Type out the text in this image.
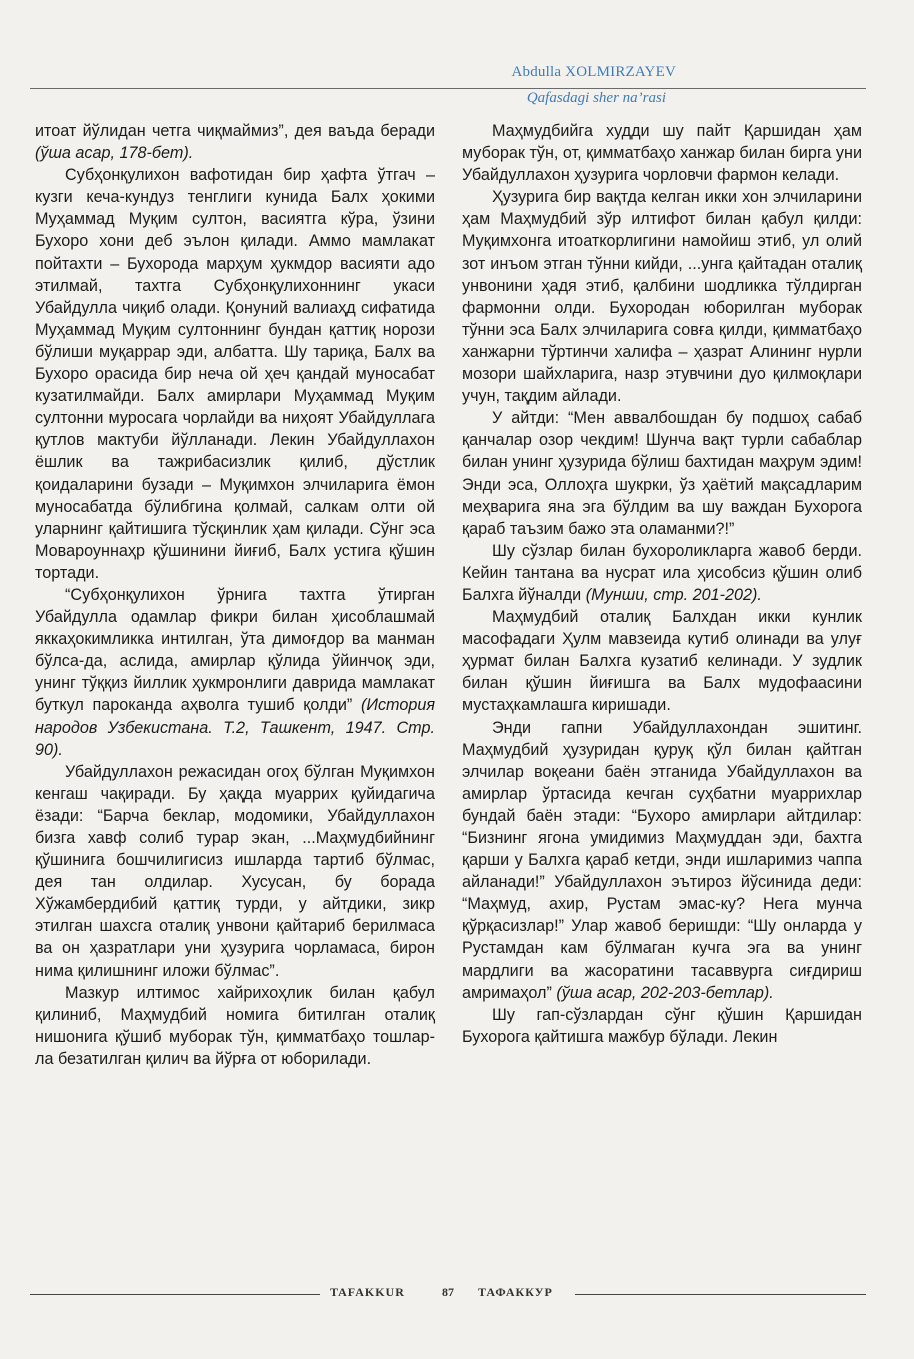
Abdulla XOLMIRZAYEV
Qafasdagi sher na’rasi

итоат йўлидан четга чиқмаймиз”, дея ваъда беради (ўша асар, 178-бет).

Субҳонқулихон вафотидан бир ҳафта ўтгач – кузги кеча-кундуз тенглиги кунида Балх ҳокими Муҳаммад Муқим султон, васиятга кўра, ўзини Бухоро хони деб эълон қилади. Аммо мамлакат пойтахти – Бухорода марҳум ҳукмдор васияти адо этилмай, тахтга Субҳонқулихоннинг укаси Убайдулла чиқиб олади. Қонуний валиаҳд сифатида Муҳаммад Муқим султоннинг бундан қаттиқ норози бўлиши муқаррар эди, албатта. Шу тариқа, Балх ва Бухоро орасида бир неча ой ҳеч қандай муносабат кузатилмайди. Балх амирлари Муҳаммад Муқим султонни муросага чорлайди ва ниҳоят Убайдуллага қутлов мактуби йўлланади. Лекин Убайдуллахон ёшлик ва тажрибасизлик қилиб, дўстлик қоидаларини бузади – Муқимхон элчиларига ёмон муносабатда бўлибгина қолмай, салкам олти ой уларнинг қайтишига тўсқинлик ҳам қилади. Сўнг эса Мовароуннаҳр қўшинини йиғиб, Балх устига қўшин тортади.

“Субҳонқулихон ўрнига тахтга ўтирган Убайдулла одамлар фикри билан ҳисоблашмай яккаҳокимликка интилган, ўта димоғдор ва манман бўлса-да, аслида, амирлар қўлида ўйинчоқ эди, унинг тўққиз йиллик ҳукмронлиги даврида мамлакат буткул пароканда аҳволга тушиб қолди” (История народов Узбекистана. Т.2, Ташкент, 1947. Стр. 90).

Убайдуллахон режасидан огоҳ бўлган Муқимхон кенгаш чақиради. Бу ҳақда муаррих қуйидагича ёзади: “Барча беклар, модомики, Убайдуллахон бизга хавф солиб турар экан, ...Маҳмудбийнинг қўшинига бошчилигисиз ишларда тартиб бўлмас, дея тан олдилар. Хусусан, бу борада Хўжамбердибий қаттиқ турди, у айтдики, зикр этилган шахсга оталиқ унвони қайтариб берилмаса ва он ҳазратлари уни ҳузурига чорламаса, бирон нима қилишнинг иложи бўлмас”.

Мазкур илтимос хайрихоҳлик билан қабул қилиниб, Маҳмудбий номига битилган оталиқ нишонига қўшиб муборак тўн, қимматбаҳо тошлар-ла безатилган қилич ва йўрға от юборилади.

Маҳмудбийга худди шу пайт Қаршидан ҳам муборак тўн, от, қимматбаҳо ханжар билан бирга уни Убайдуллахон ҳузурига чорловчи фармон келади.

Ҳузурига бир вақтда келган икки хон элчиларини ҳам Маҳмудбий зўр илтифот билан қабул қилди: Муқимхонга итоаткорлигини намойиш этиб, ул олий зот инъом этган тўнни кийди, ...унга қайтадан оталиқ унвонини ҳадя этиб, қалбини шодликка тўлдирган фармонни олди. Бухородан юборилган муборак тўнни эса Балх элчиларига совға қилди, қимматбаҳо ханжарни тўртинчи халифа – ҳазрат Алининг нурли мозори шайхларига, назр этувчини дуо қилмоқлари учун, тақдим айлади.

У айтди: “Мен аввалбошдан бу подшоҳ сабаб қанчалар озор чекдим! Шунча вақт турли сабаблар билан унинг ҳузурида бўлиш бахтидан маҳрум эдим! Энди эса, Оллоҳга шукрки, ўз ҳаётий мақсадларим меҳварига яна эга бўлдим ва шу важдан Бухорога қараб таъзим бажо эта оламанми?!”

Шу сўзлар билан бухороликларга жавоб берди. Кейин тантана ва нусрат ила ҳисобсиз қўшин олиб Балхга йўналди (Мунши, стр. 201-202).

Маҳмудбий оталиқ Балхдан икки кунлик масофадаги Ҳулм мавзеида кутиб олинади ва улуғ ҳурмат билан Балхга кузатиб келинади. У зудлик билан қўшин йиғишга ва Балх мудофаасини мустаҳкамлашга киришади.

Энди гапни Убайдуллахондан эшитинг. Маҳмудбий ҳузуридан қуруқ қўл билан қайтган элчилар воқеани баён этганида Убайдуллахон ва амирлар ўртасида кечган суҳбатни муаррихлар бундай баён этади: “Бухоро амирлари айтдилар: “Бизнинг ягона умидимиз Маҳмуддан эди, бахтга қарши у Балхга қараб кетди, энди ишларимиз чаппа айланади!” Убайдуллахон эътироз йўсинида деди: “Маҳмуд, ахир, Рустам эмас-ку? Нега мунча қўрқасизлар!” Улар жавоб беришди: “Шу онларда у Рустамдан кам бўлмаган кучга эга ва унинг мардлиги ва жасоратини тасаввурга сиғдириш амримаҳол” (ўша асар, 202-203-бетлар).

Шу гап-сўзлардан сўнг қўшин Қаршидан Бухорога қайтишга мажбур бўлади. Лекин

TAFAKKUR	87 ТАФАККУР
